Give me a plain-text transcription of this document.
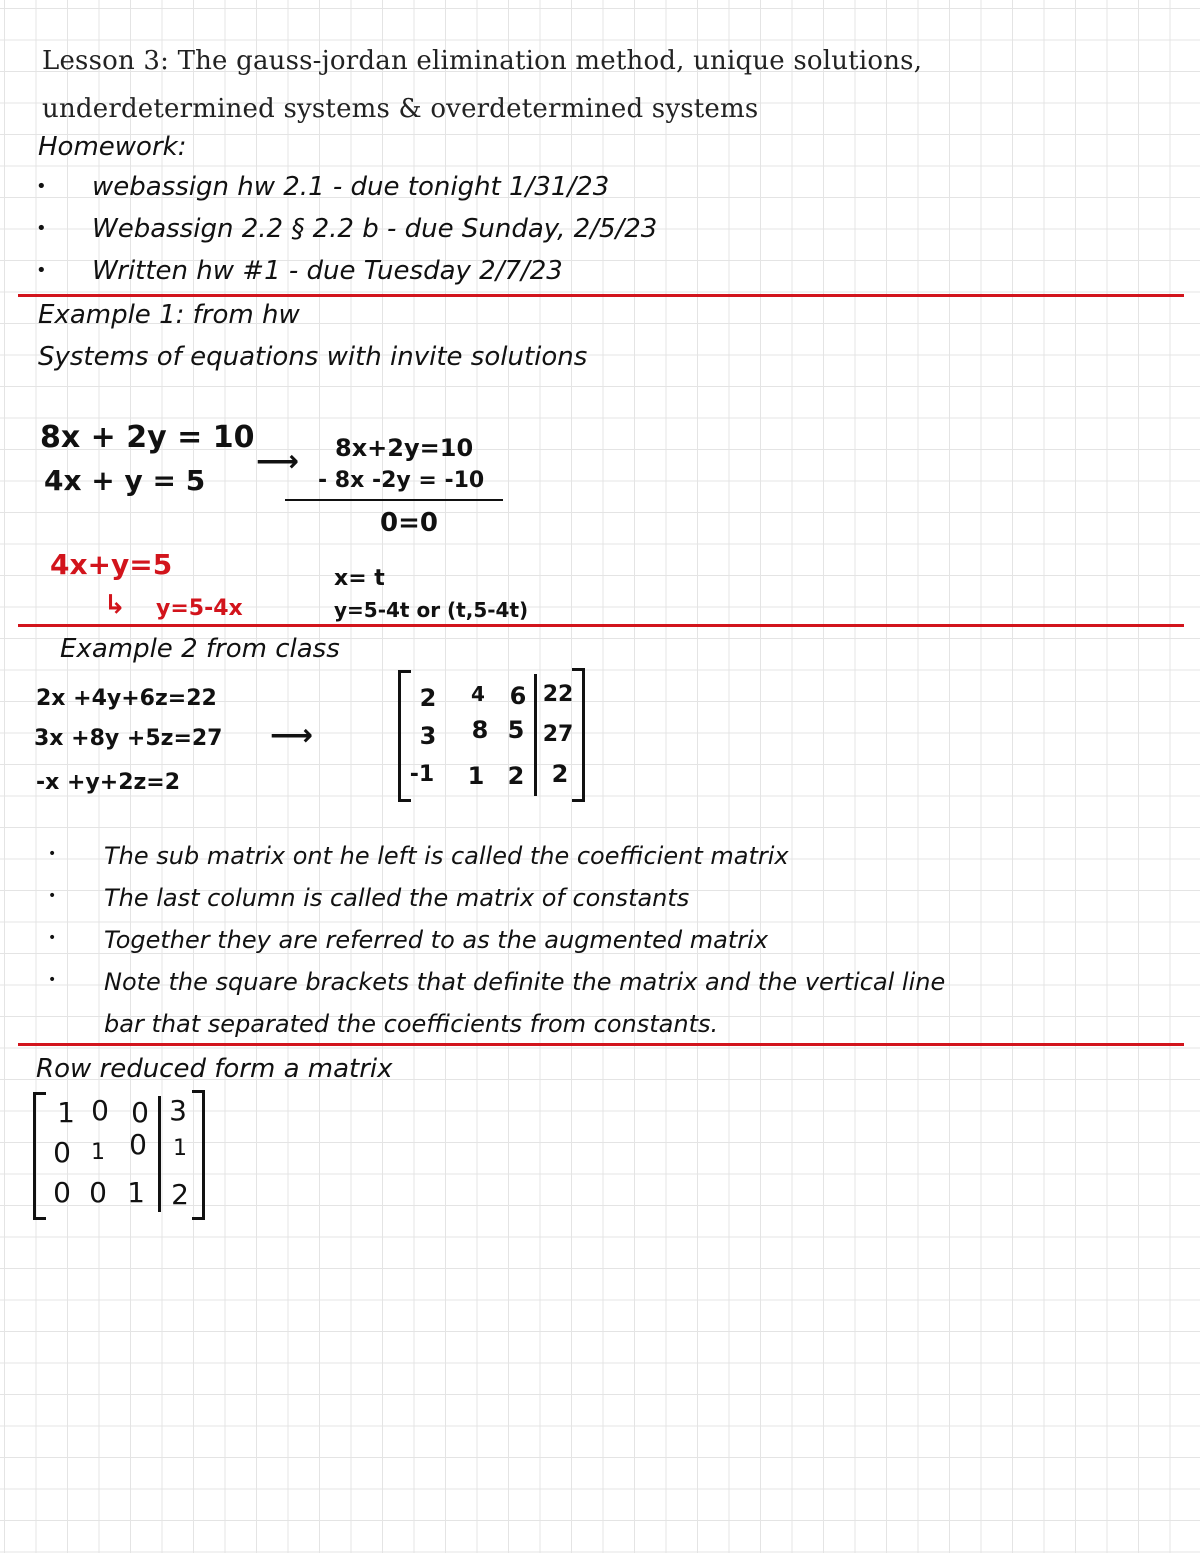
Lesson 3: The gauss-jordan elimination method, unique solutions,
underdetermined systems & overdetermined systems
Homework:
• webassign hw 2.1 - due tonight 1/31/23
• Webassign 2.2 § 2.2 b - due Sunday, 2/5/23
• Written hw #1 - due Tuesday 2/7/23
Example 1: from hw
Systems of equations with invite solutions
8x + 2y = 10
4x + y = 5
⟶ 8x+2y=10
- 8x -2y = -10
0=0
4x+y=5
↳ y=5-4x
x= t
y=5-4t or (t,5-4t)
Example 2 from class
2x +4y+6z=22
3x +8y +5z=27
-x +y+2z=2
⟶
2	4 6 22
3 8 5 27
-1 1 2 2
• The sub matrix ont he left is called the coefficient matrix
• The last column is called the matrix of constants
• Together they are referred to as the augmented matrix
• Note the square brackets that definite the matrix and the vertical line
bar that separated the coefficients from constants.
Row reduced form a matrix
1 0 0 3
0 1 0	1
0 0 1 2
